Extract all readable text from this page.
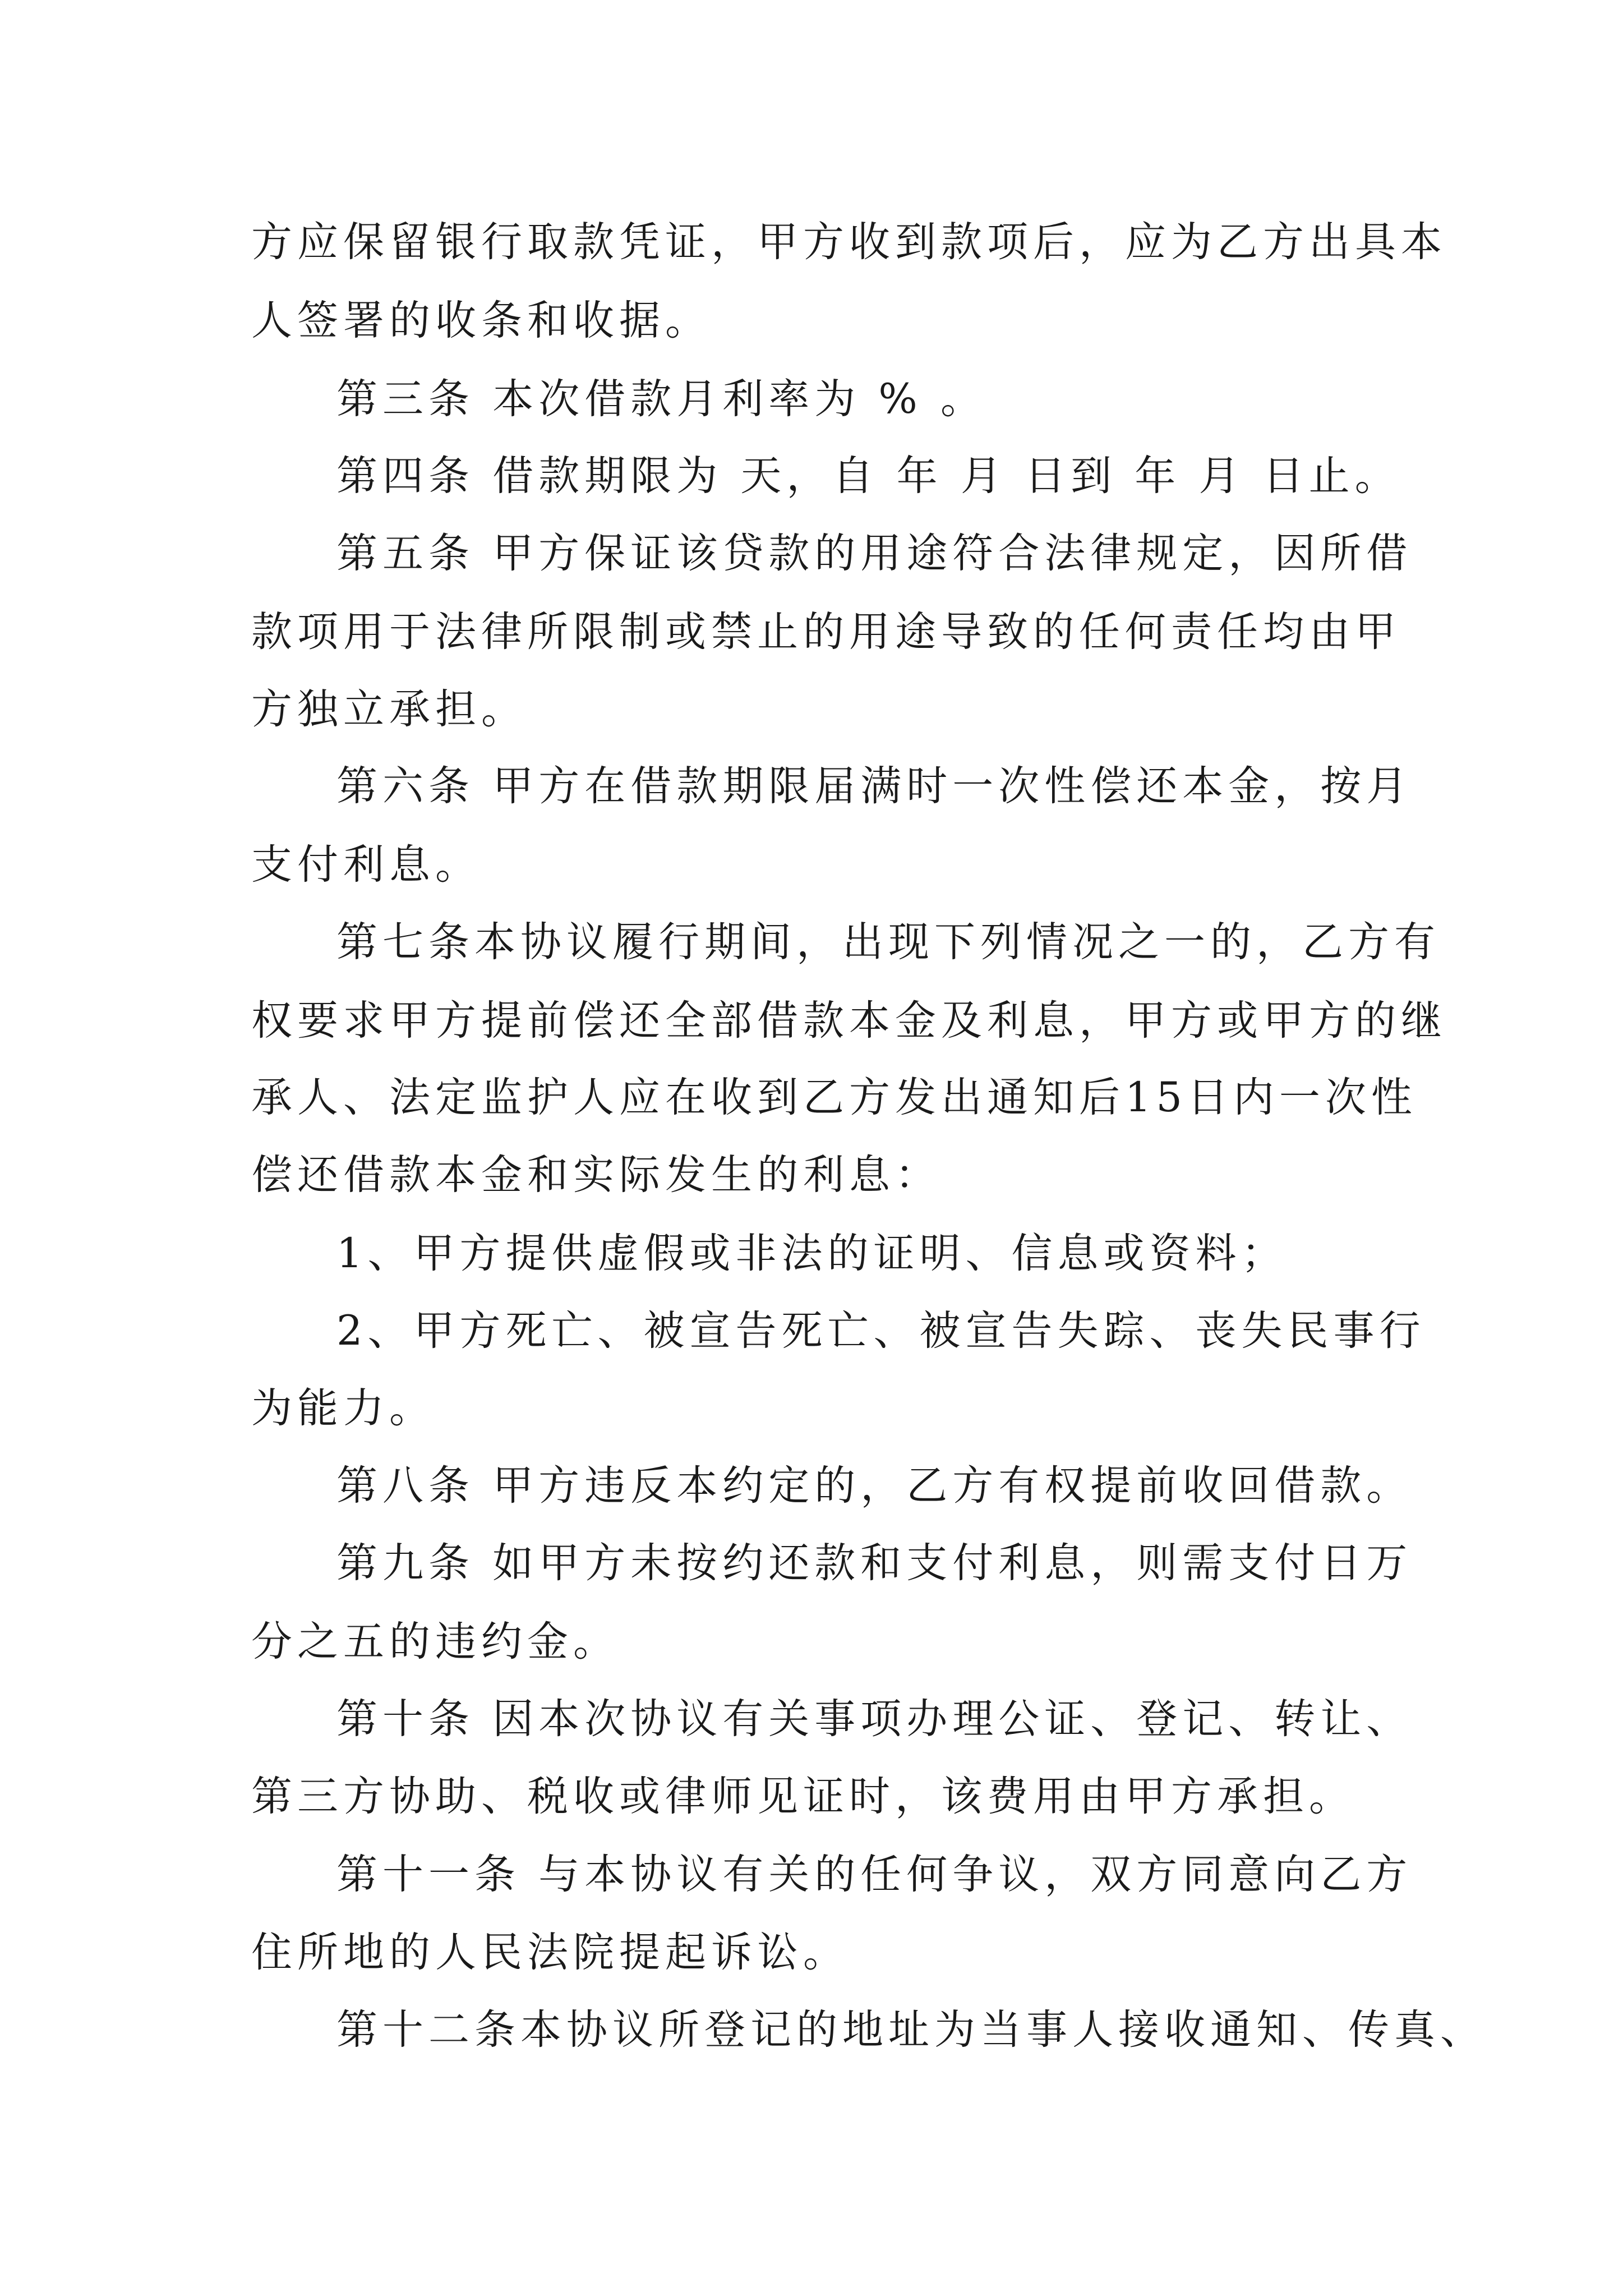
方应保留银行取款凭证，甲方收到款项后，应为乙方出具本
人签署的收条和收据。
第三条 本次借款月利率为 % 。
第四条 借款期限为 天，自 年 月 日到 年 月 日止。
第五条 甲方保证该贷款的用途符合法律规定，因所借
款项用于法律所限制或禁止的用途导致的任何责任均由甲
方独立承担。
第六条 甲方在借款期限届满时一次性偿还本金，按月
支付利息。
第七条本协议履行期间，出现下列情况之一的，乙方有
权要求甲方提前偿还全部借款本金及利息，甲方或甲方的继
承人、法定监护人应在收到乙方发出通知后15日内一次性
偿还借款本金和实际发生的利息：
1、甲方提供虚假或非法的证明、信息或资料；
2、甲方死亡、被宣告死亡、被宣告失踪、丧失民事行
为能力。
第八条 甲方违反本约定的，乙方有权提前收回借款。
第九条 如甲方未按约还款和支付利息，则需支付日万
分之五的违约金。
第十条 因本次协议有关事项办理公证、登记、转让、
第三方协助、税收或律师见证时，该费用由甲方承担。
第十一条 与本协议有关的任何争议，双方同意向乙方
住所地的人民法院提起诉讼。
第十二条本协议所登记的地址为当事人接收通知、传真、
